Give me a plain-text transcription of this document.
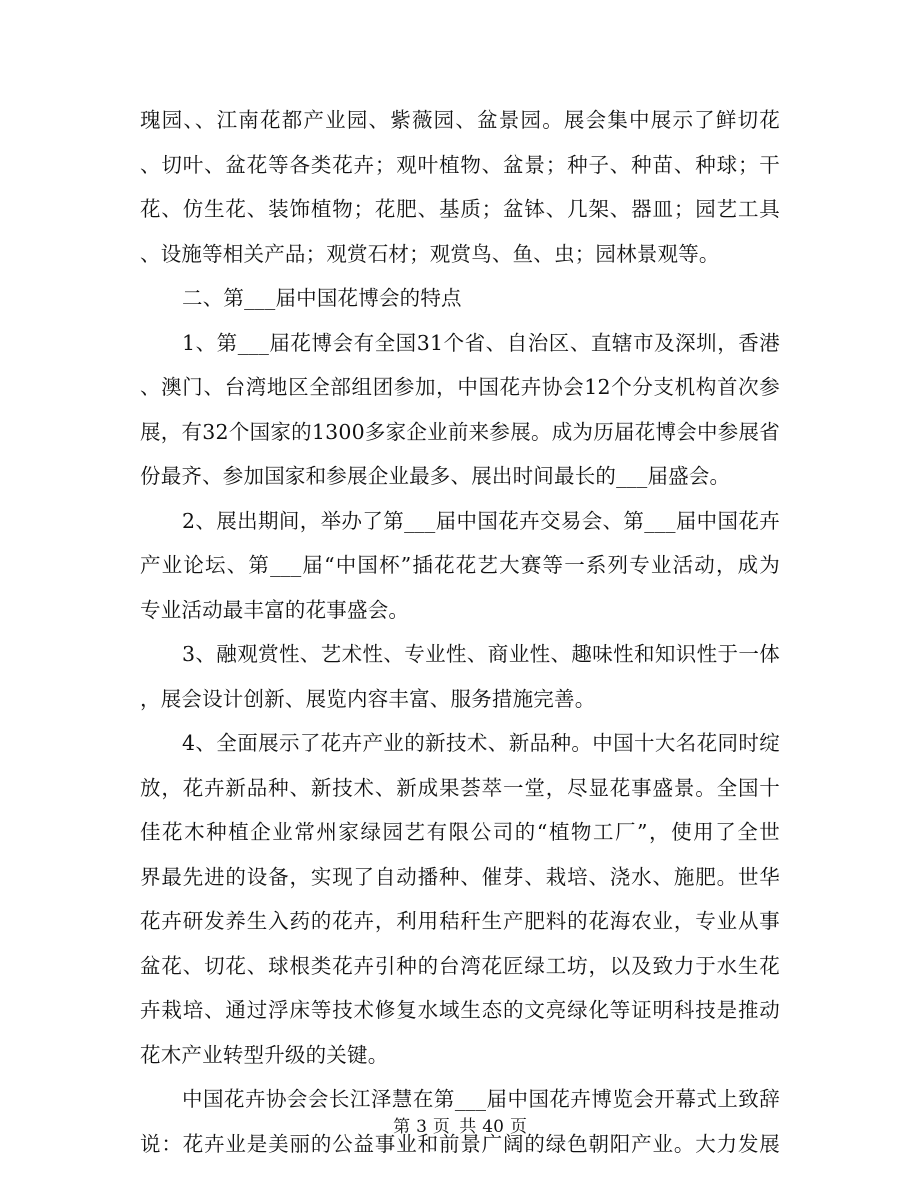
瑰园、、江南花都产业园、紫薇园、盆景园。展会集中展示了鲜切花
、切叶、盆花等各类花卉；观叶植物、盆景；种子、种苗、种球；干
花、仿生花、装饰植物；花肥、基质；盆钵、几架、器皿；园艺工具
、设施等相关产品；观赏石材；观赏鸟、鱼、虫；园林景观等。
二、第___届中国花博会的特点
1、第___届花博会有全国31个省、自治区、直辖市及深圳，香港
、澳门、台湾地区全部组团参加，中国花卉协会12个分支机构首次参
展，有32个国家的1300多家企业前来参展。成为历届花博会中参展省
份最齐、参加国家和参展企业最多、展出时间最长的___届盛会。
2、展出期间，举办了第___届中国花卉交易会、第___届中国花卉
产业论坛、第___届“中国杯”插花花艺大赛等一系列专业活动，成为
专业活动最丰富的花事盛会。
3、融观赏性、艺术性、专业性、商业性、趣味性和知识性于一体
，展会设计创新、展览内容丰富、服务措施完善。
4、全面展示了花卉产业的新技术、新品种。中国十大名花同时绽
放，花卉新品种、新技术、新成果荟萃一堂，尽显花事盛景。全国十
佳花木种植企业常州家绿园艺有限公司的“植物工厂”，使用了全世
界最先进的设备，实现了自动播种、催芽、栽培、浇水、施肥。世华
花卉研发养生入药的花卉，利用秸秆生产肥料的花海农业，专业从事
盆花、切花、球根类花卉引种的台湾花匠绿工坊，以及致力于水生花
卉栽培、通过浮床等技术修复水域生态的文亮绿化等证明科技是推动
花木产业转型升级的关键。
中国花卉协会会长江泽慧在第___届中国花卉博览会开幕式上致辞
说：花卉业是美丽的公益事业和前景广阔的绿色朝阳产业。大力发展
第 3 页 共 40 页
